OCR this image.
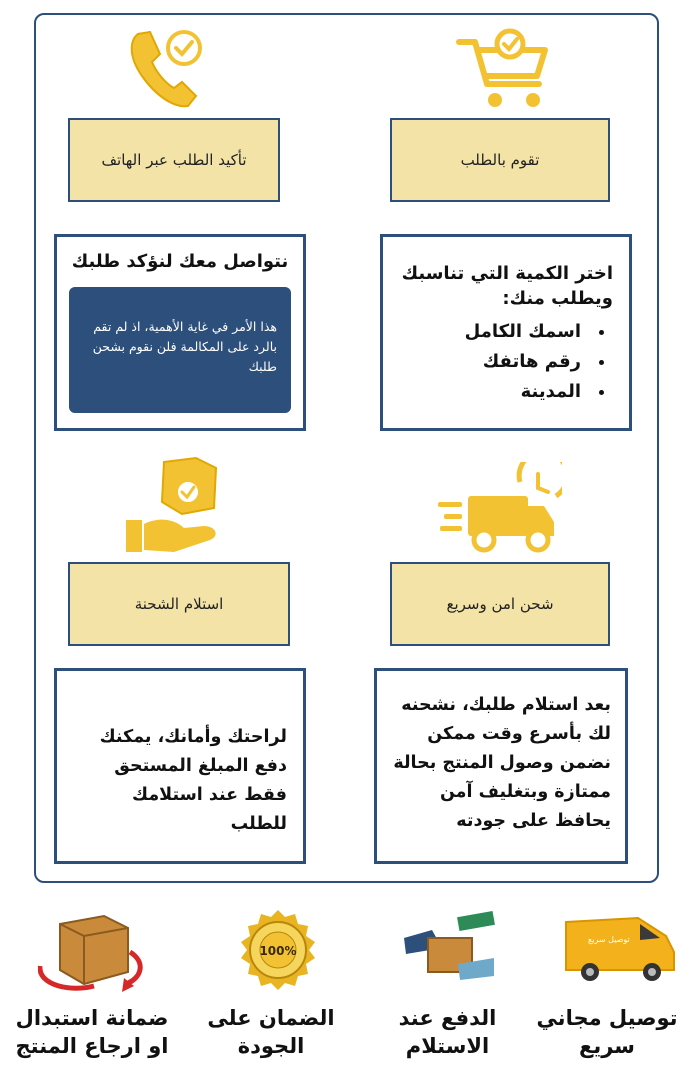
تقوم بالطلب
تأكيد الطلب عبر الهاتف
اختر الكمية التي تناسبك ويطلب منك:
• اسمك الكامل
• رقم هاتفك
• المدينة
نتواصل معك لنؤكد طلبك
هذا الأمر في غاية الأهمية، اذ لم تقم بالرد على المكالمة فلن نقوم بشحن طلبك
شحن امن وسريع
استلام الشحنة
بعد استلام طلبك، نشحنه لك بأسرع وقت ممكن نضمن وصول المنتج بحالة ممتازة وبتغليف آمن يحافظ على جودته
لراحتك وأمانك، يمكنك دفع المبلغ المستحق فقط عند استلامك للطلب
توصيل سريع
100%
توصيل مجاني سريع
الدفع عند الاستلام
الضمان على الجودة
ضمانة استبدال او ارجاع المنتج
